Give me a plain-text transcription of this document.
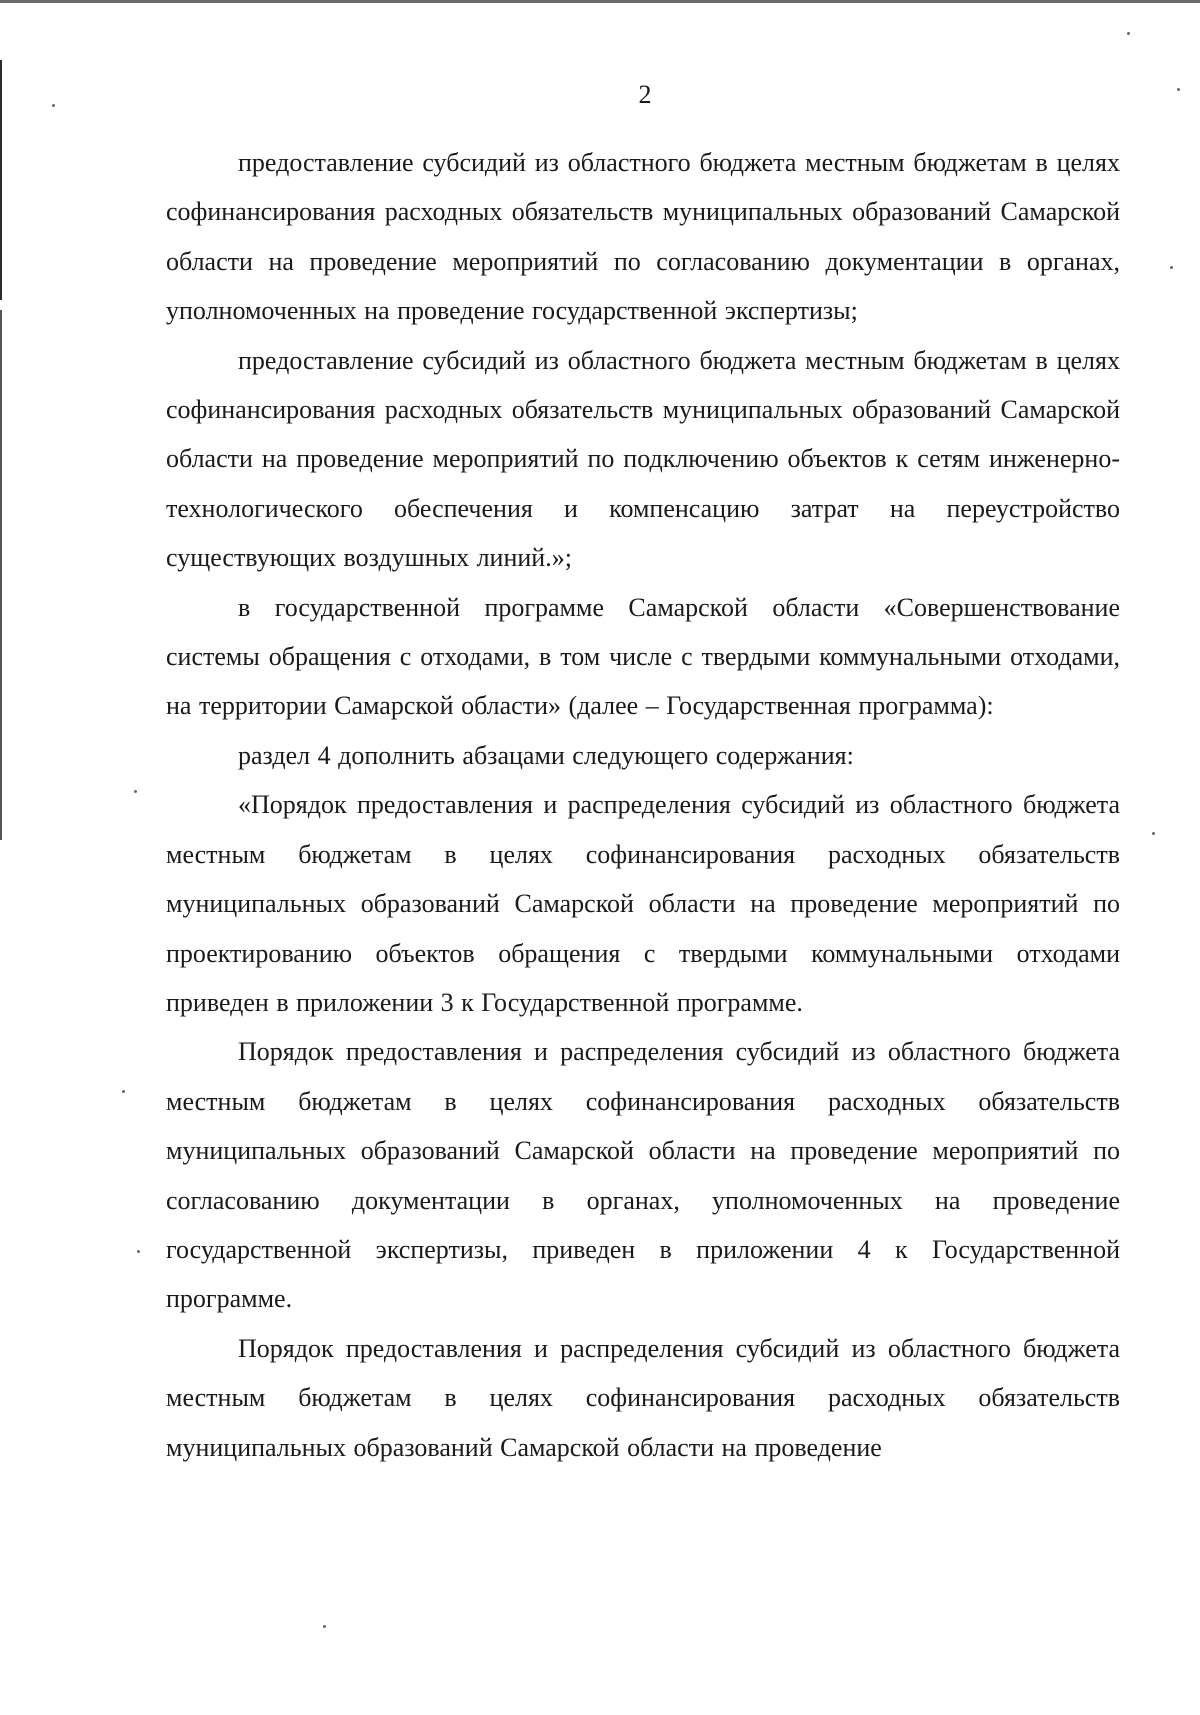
2

предоставление субсидий из областного бюджета местным бюджетам в целях софинансирования расходных обязательств муниципальных образований Самарской области на проведение мероприятий по согласованию документации в органах, уполномоченных на проведение государственной экспертизы;

предоставление субсидий из областного бюджета местным бюджетам в целях софинансирования расходных обязательств муниципальных образований Самарской области на проведение мероприятий по подключению объектов к сетям инженерно-технологического обеспечения и компенсацию затрат на переустройство существующих воздушных линий.»;

в государственной программе Самарской области «Совершенствование системы обращения с отходами, в том числе с твердыми коммунальными отходами, на территории Самарской области» (далее – Государственная программа):

раздел 4 дополнить абзацами следующего содержания:

«Порядок предоставления и распределения субсидий из областного бюджета местным бюджетам в целях софинансирования расходных обязательств муниципальных образований Самарской области на проведение мероприятий по проектированию объектов обращения с твердыми коммунальными отходами приведен в приложении 3 к Государственной программе.

Порядок предоставления и распределения субсидий из областного бюджета местным бюджетам в целях софинансирования расходных обязательств муниципальных образований Самарской области на проведение мероприятий по согласованию документации в органах, уполномоченных на проведение государственной экспертизы, приведен в приложении 4 к Государственной программе.

Порядок предоставления и распределения субсидий из областного бюджета местным бюджетам в целях софинансирования расходных обязательств муниципальных образований Самарской области на проведение
